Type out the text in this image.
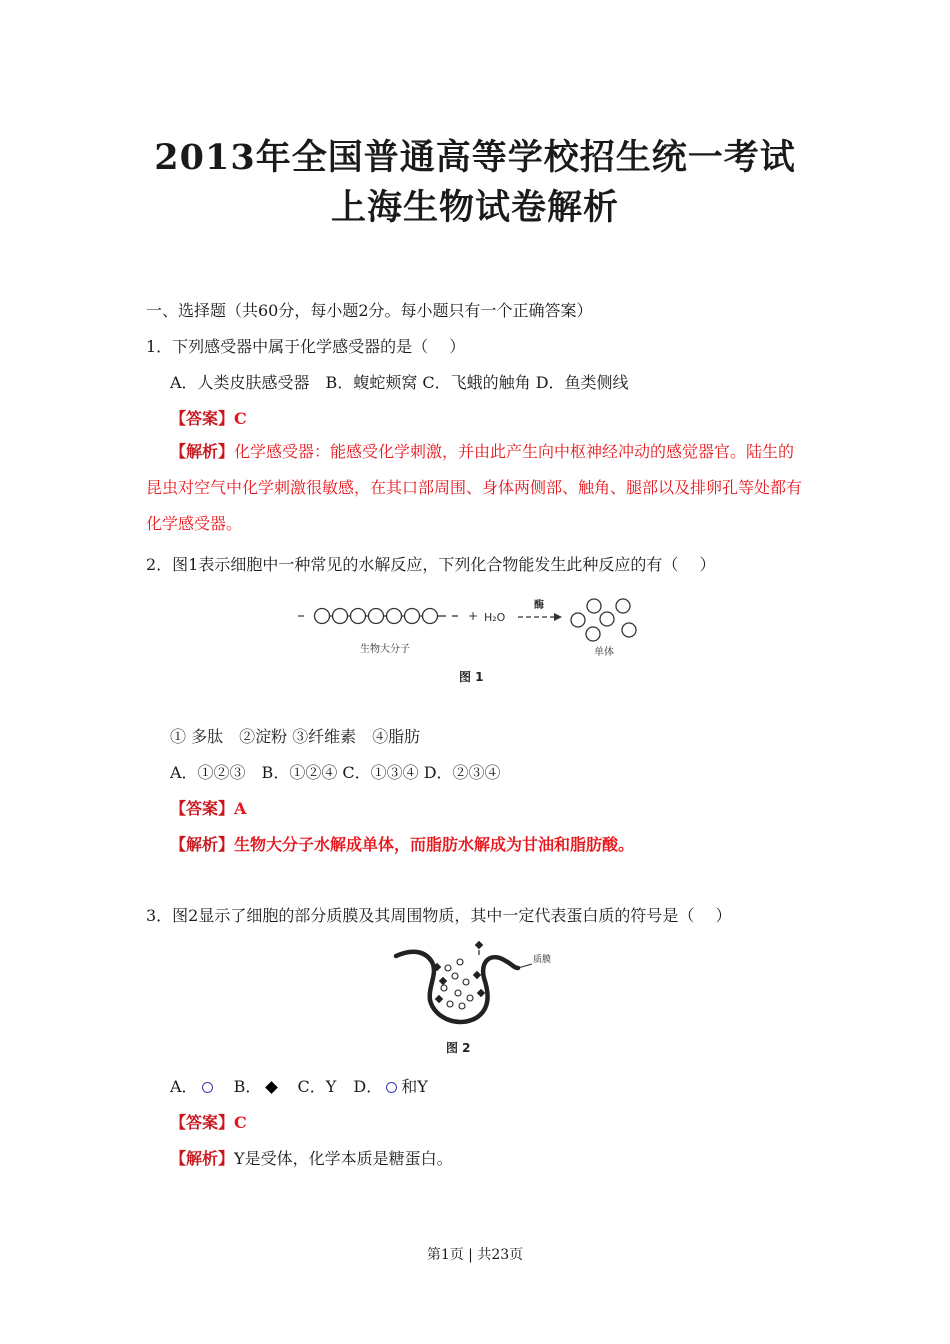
2013年全国普通高等学校招生统一考试
上海生物试卷解析
一、选择题（共60分，每小题2分。每小题只有一个正确答案）
1．下列感受器中属于化学感受器的是（　 ）
A．人类皮肤感受器　B．蝮蛇颊窝 C．飞蛾的触角 D．鱼类侧线
【答案】C
【解析】化学感受器：能感受化学刺激，并由此产生向中枢神经冲动的感觉器官。陆生的昆虫对空气中化学刺激很敏感，在其口部周围、身体两侧部、触角、腿部以及排卵孔等处都有化学感受器。
2．图1表示细胞中一种常见的水解反应，下列化合物能发生此种反应的有（　 ）
+ H₂O
酶
生物大分子	单体
图 1
① 多肽　②淀粉 ③纤维素　④脂肪
A．①②③　B．①②④ C．①③④ D．②③④
【答案】A
【解析】生物大分子水解成单体，而脂肪水解成为甘油和脂肪酸。
3．图2显示了细胞的部分质膜及其周围物质，其中一定代表蛋白质的符号是（　 ）
质膜
图 2
A． B． C．Y D． 和Y
【答案】C
【解析】Y是受体，化学本质是糖蛋白。
第1页 | 共23页
